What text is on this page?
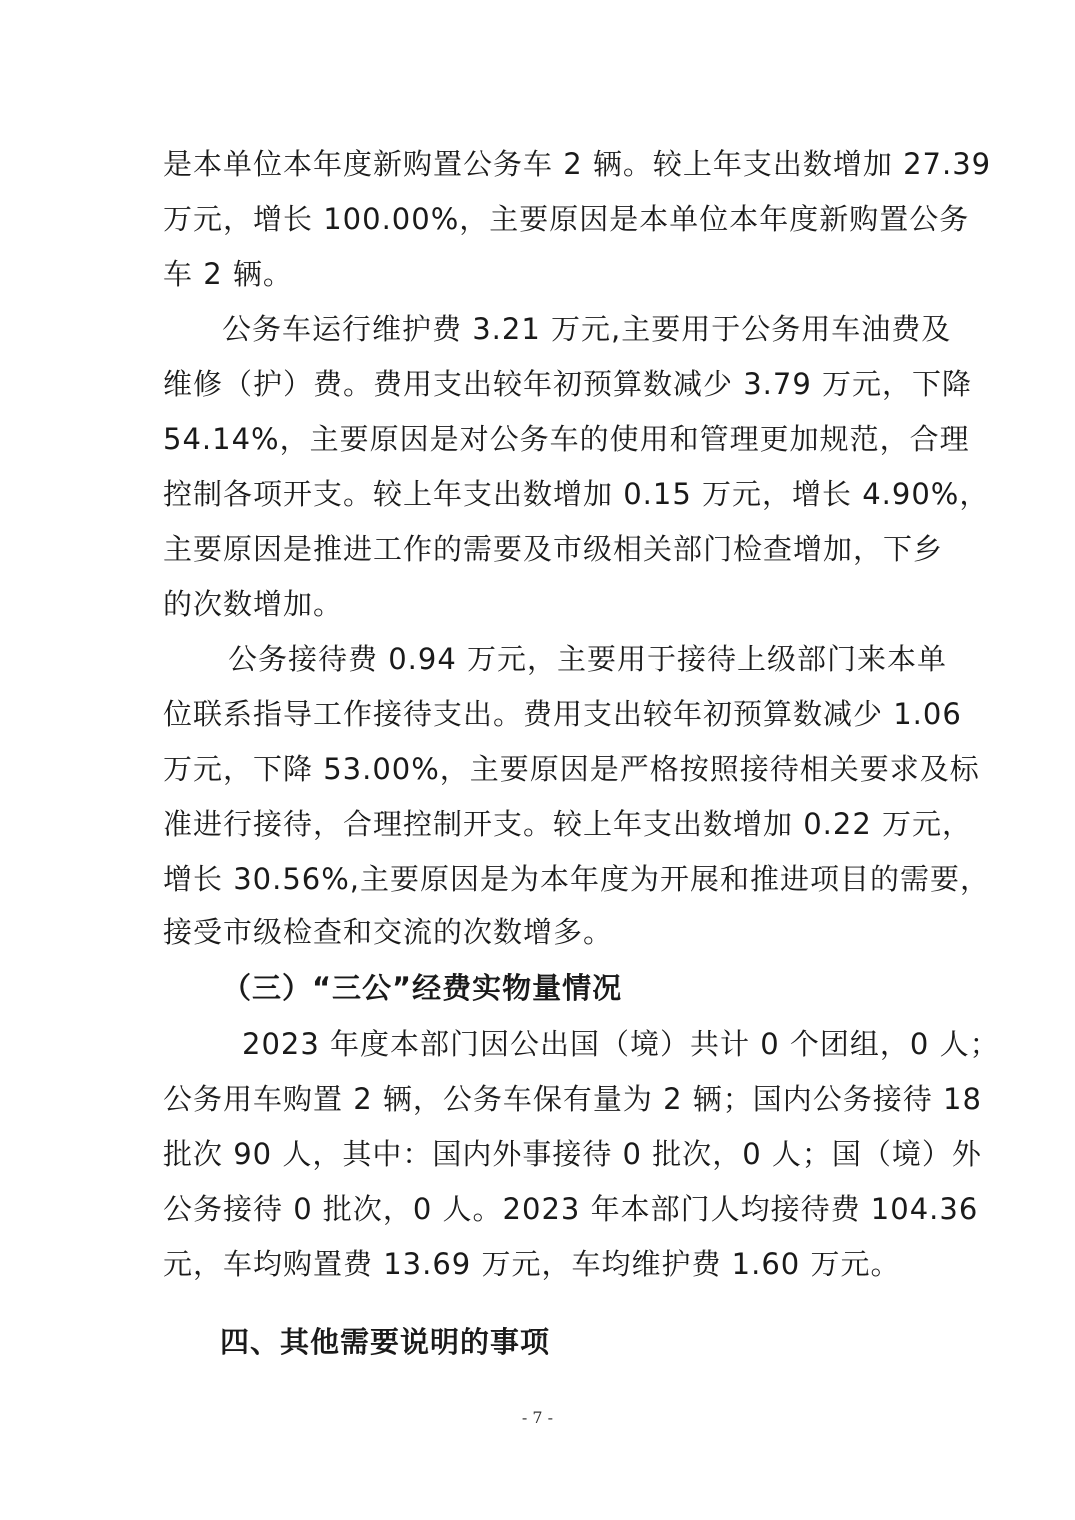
是本单位本年度新购置公务车 2 辆。较上年支出数增加 27.39
万元，增长 100.00%，主要原因是本单位本年度新购置公务
车 2 辆。
公务车运行维护费 3.21 万元,主要用于公务用车油费及
维修（护）费。费用支出较年初预算数减少 3.79 万元，下降
54.14%，主要原因是对公务车的使用和管理更加规范，合理
控制各项开支。较上年支出数增加 0.15 万元，增长 4.90%，
主要原因是推进工作的需要及市级相关部门检查增加，下乡
的次数增加。
公务接待费 0.94 万元，主要用于接待上级部门来本单
位联系指导工作接待支出。费用支出较年初预算数减少 1.06
万元，下降 53.00%，主要原因是严格按照接待相关要求及标
准进行接待，合理控制开支。较上年支出数增加 0.22 万元，
增长 30.56%,主要原因是为本年度为开展和推进项目的需要，
接受市级检查和交流的次数增多。
（三）“三公”经费实物量情况
2023 年度本部门因公出国（境）共计 0 个团组，0 人；
公务用车购置 2 辆，公务车保有量为 2 辆；国内公务接待 18
批次 90 人，其中：国内外事接待 0 批次，0 人；国（境）外
公务接待 0 批次，0 人。2023 年本部门人均接待费 104.36
元，车均购置费 13.69 万元，车均维护费 1.60 万元。
四、其他需要说明的事项
- 7 -
